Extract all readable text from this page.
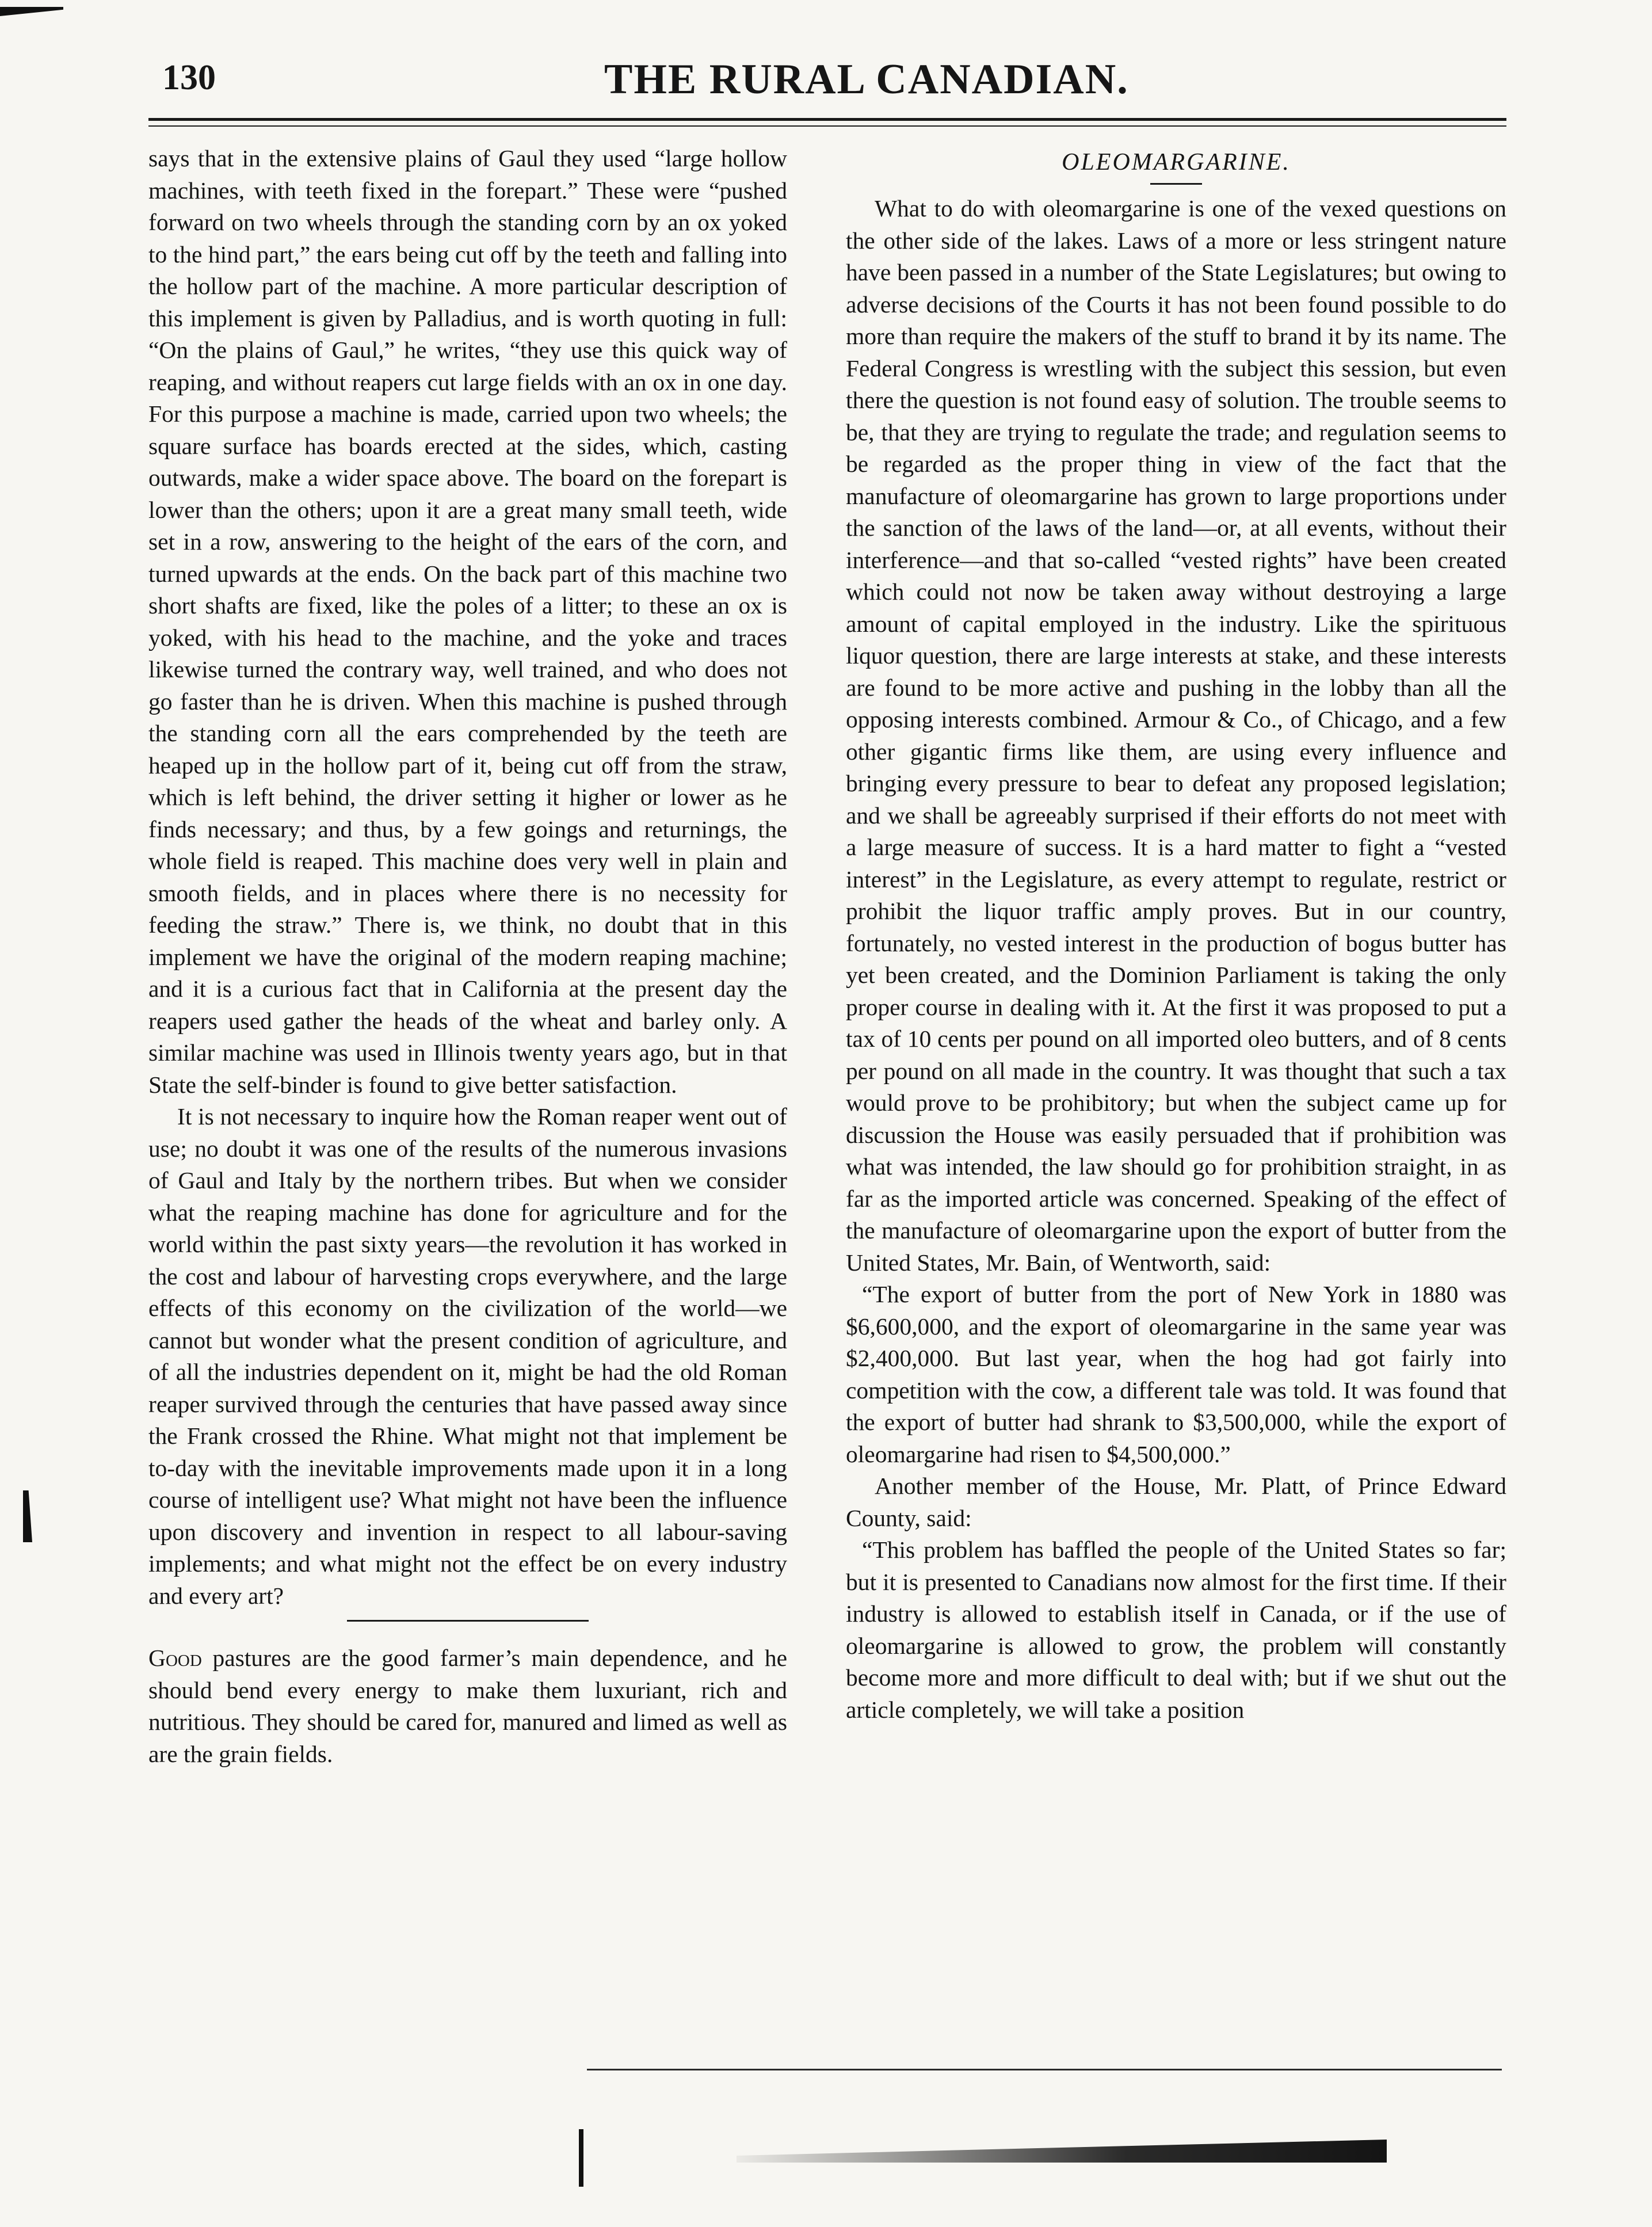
130	THE RURAL CANADIAN.

says that in the extensive plains of Gaul they used “large hollow machines, with teeth fixed in the forepart.” These were “pushed forward on two wheels through the standing corn by an ox yoked to the hind part,” the ears being cut off by the teeth and falling into the hollow part of the machine. A more particular description of this implement is given by Palladius, and is worth quoting in full: “On the plains of Gaul,” he writes, “they use this quick way of reaping, and without reapers cut large fields with an ox in one day. For this purpose a machine is made, carried upon two wheels; the square surface has boards erected at the sides, which, casting outwards, make a wider space above. The board on the forepart is lower than the others; upon it are a great many small teeth, wide set in a row, answering to the height of the ears of the corn, and turned upwards at the ends. On the back part of this machine two short shafts are fixed, like the poles of a litter; to these an ox is yoked, with his head to the machine, and the yoke and traces likewise turned the contrary way, well trained, and who does not go faster than he is driven. When this machine is pushed through the standing corn all the ears comprehended by the teeth are heaped up in the hollow part of it, being cut off from the straw, which is left behind, the driver setting it higher or lower as he finds necessary; and thus, by a few goings and returnings, the whole field is reaped. This machine does very well in plain and smooth fields, and in places where there is no necessity for feeding the straw.” There is, we think, no doubt that in this implement we have the original of the modern reaping machine; and it is a curious fact that in California at the present day the reapers used gather the heads of the wheat and barley only. A similar machine was used in Illinois twenty years ago, but in that State the self-binder is found to give better satisfaction.

It is not necessary to inquire how the Roman reaper went out of use; no doubt it was one of the results of the numerous invasions of Gaul and Italy by the northern tribes. But when we consider what the reaping machine has done for agriculture and for the world within the past sixty years—the revolution it has worked in the cost and labour of harvesting crops everywhere, and the large effects of this economy on the civilization of the world—we cannot but wonder what the present condition of agriculture, and of all the industries dependent on it, might be had the old Roman reaper survived through the centuries that have passed away since the Frank crossed the Rhine. What might not that implement be to-day with the inevitable improvements made upon it in a long course of intelligent use? What might not have been the influence upon discovery and invention in respect to all labour-saving implements; and what might not the effect be on every industry and every art?

Good pastures are the good farmer’s main dependence, and he should bend every energy to make them luxuriant, rich and nutritious. They should be cared for, manured and limed as well as are the grain fields.

OLEOMARGARINE.

What to do with oleomargarine is one of the vexed questions on the other side of the lakes. Laws of a more or less stringent nature have been passed in a number of the State Legislatures; but owing to adverse decisions of the Courts it has not been found possible to do more than require the makers of the stuff to brand it by its name. The Federal Congress is wrestling with the subject this session, but even there the question is not found easy of solution. The trouble seems to be, that they are trying to regulate the trade; and regulation seems to be regarded as the proper thing in view of the fact that the manufacture of oleomargarine has grown to large proportions under the sanction of the laws of the land—or, at all events, without their interference—and that so-called “vested rights” have been created which could not now be taken away without destroying a large amount of capital employed in the industry. Like the spirituous liquor question, there are large interests at stake, and these interests are found to be more active and pushing in the lobby than all the opposing interests combined. Armour & Co., of Chicago, and a few other gigantic firms like them, are using every influence and bringing every pressure to bear to defeat any proposed legislation; and we shall be agreeably surprised if their efforts do not meet with a large measure of success. It is a hard matter to fight a “vested interest” in the Legislature, as every attempt to regulate, restrict or prohibit the liquor traffic amply proves. But in our country, fortunately, no vested interest in the production of bogus butter has yet been created, and the Dominion Parliament is taking the only proper course in dealing with it. At the first it was proposed to put a tax of 10 cents per pound on all imported oleo butters, and of 8 cents per pound on all made in the country. It was thought that such a tax would prove to be prohibitory; but when the subject came up for discussion the House was easily persuaded that if prohibition was what was intended, the law should go for prohibition straight, in as far as the imported article was concerned. Speaking of the effect of the manufacture of oleomargarine upon the export of butter from the United States, Mr. Bain, of Wentworth, said:

“The export of butter from the port of New York in 1880 was $6,600,000, and the export of oleomargarine in the same year was $2,400,000. But last year, when the hog had got fairly into competition with the cow, a different tale was told. It was found that the export of butter had shrank to $3,500,000, while the export of oleomargarine had risen to $4,500,000.”

Another member of the House, Mr. Platt, of Prince Edward County, said:

“This problem has baffled the people of the United States so far; but it is presented to Canadians now almost for the first time. If their industry is allowed to establish itself in Canada, or if the use of oleomargarine is allowed to grow, the problem will constantly become more and more difficult to deal with; but if we shut out the article completely, we will take a position
